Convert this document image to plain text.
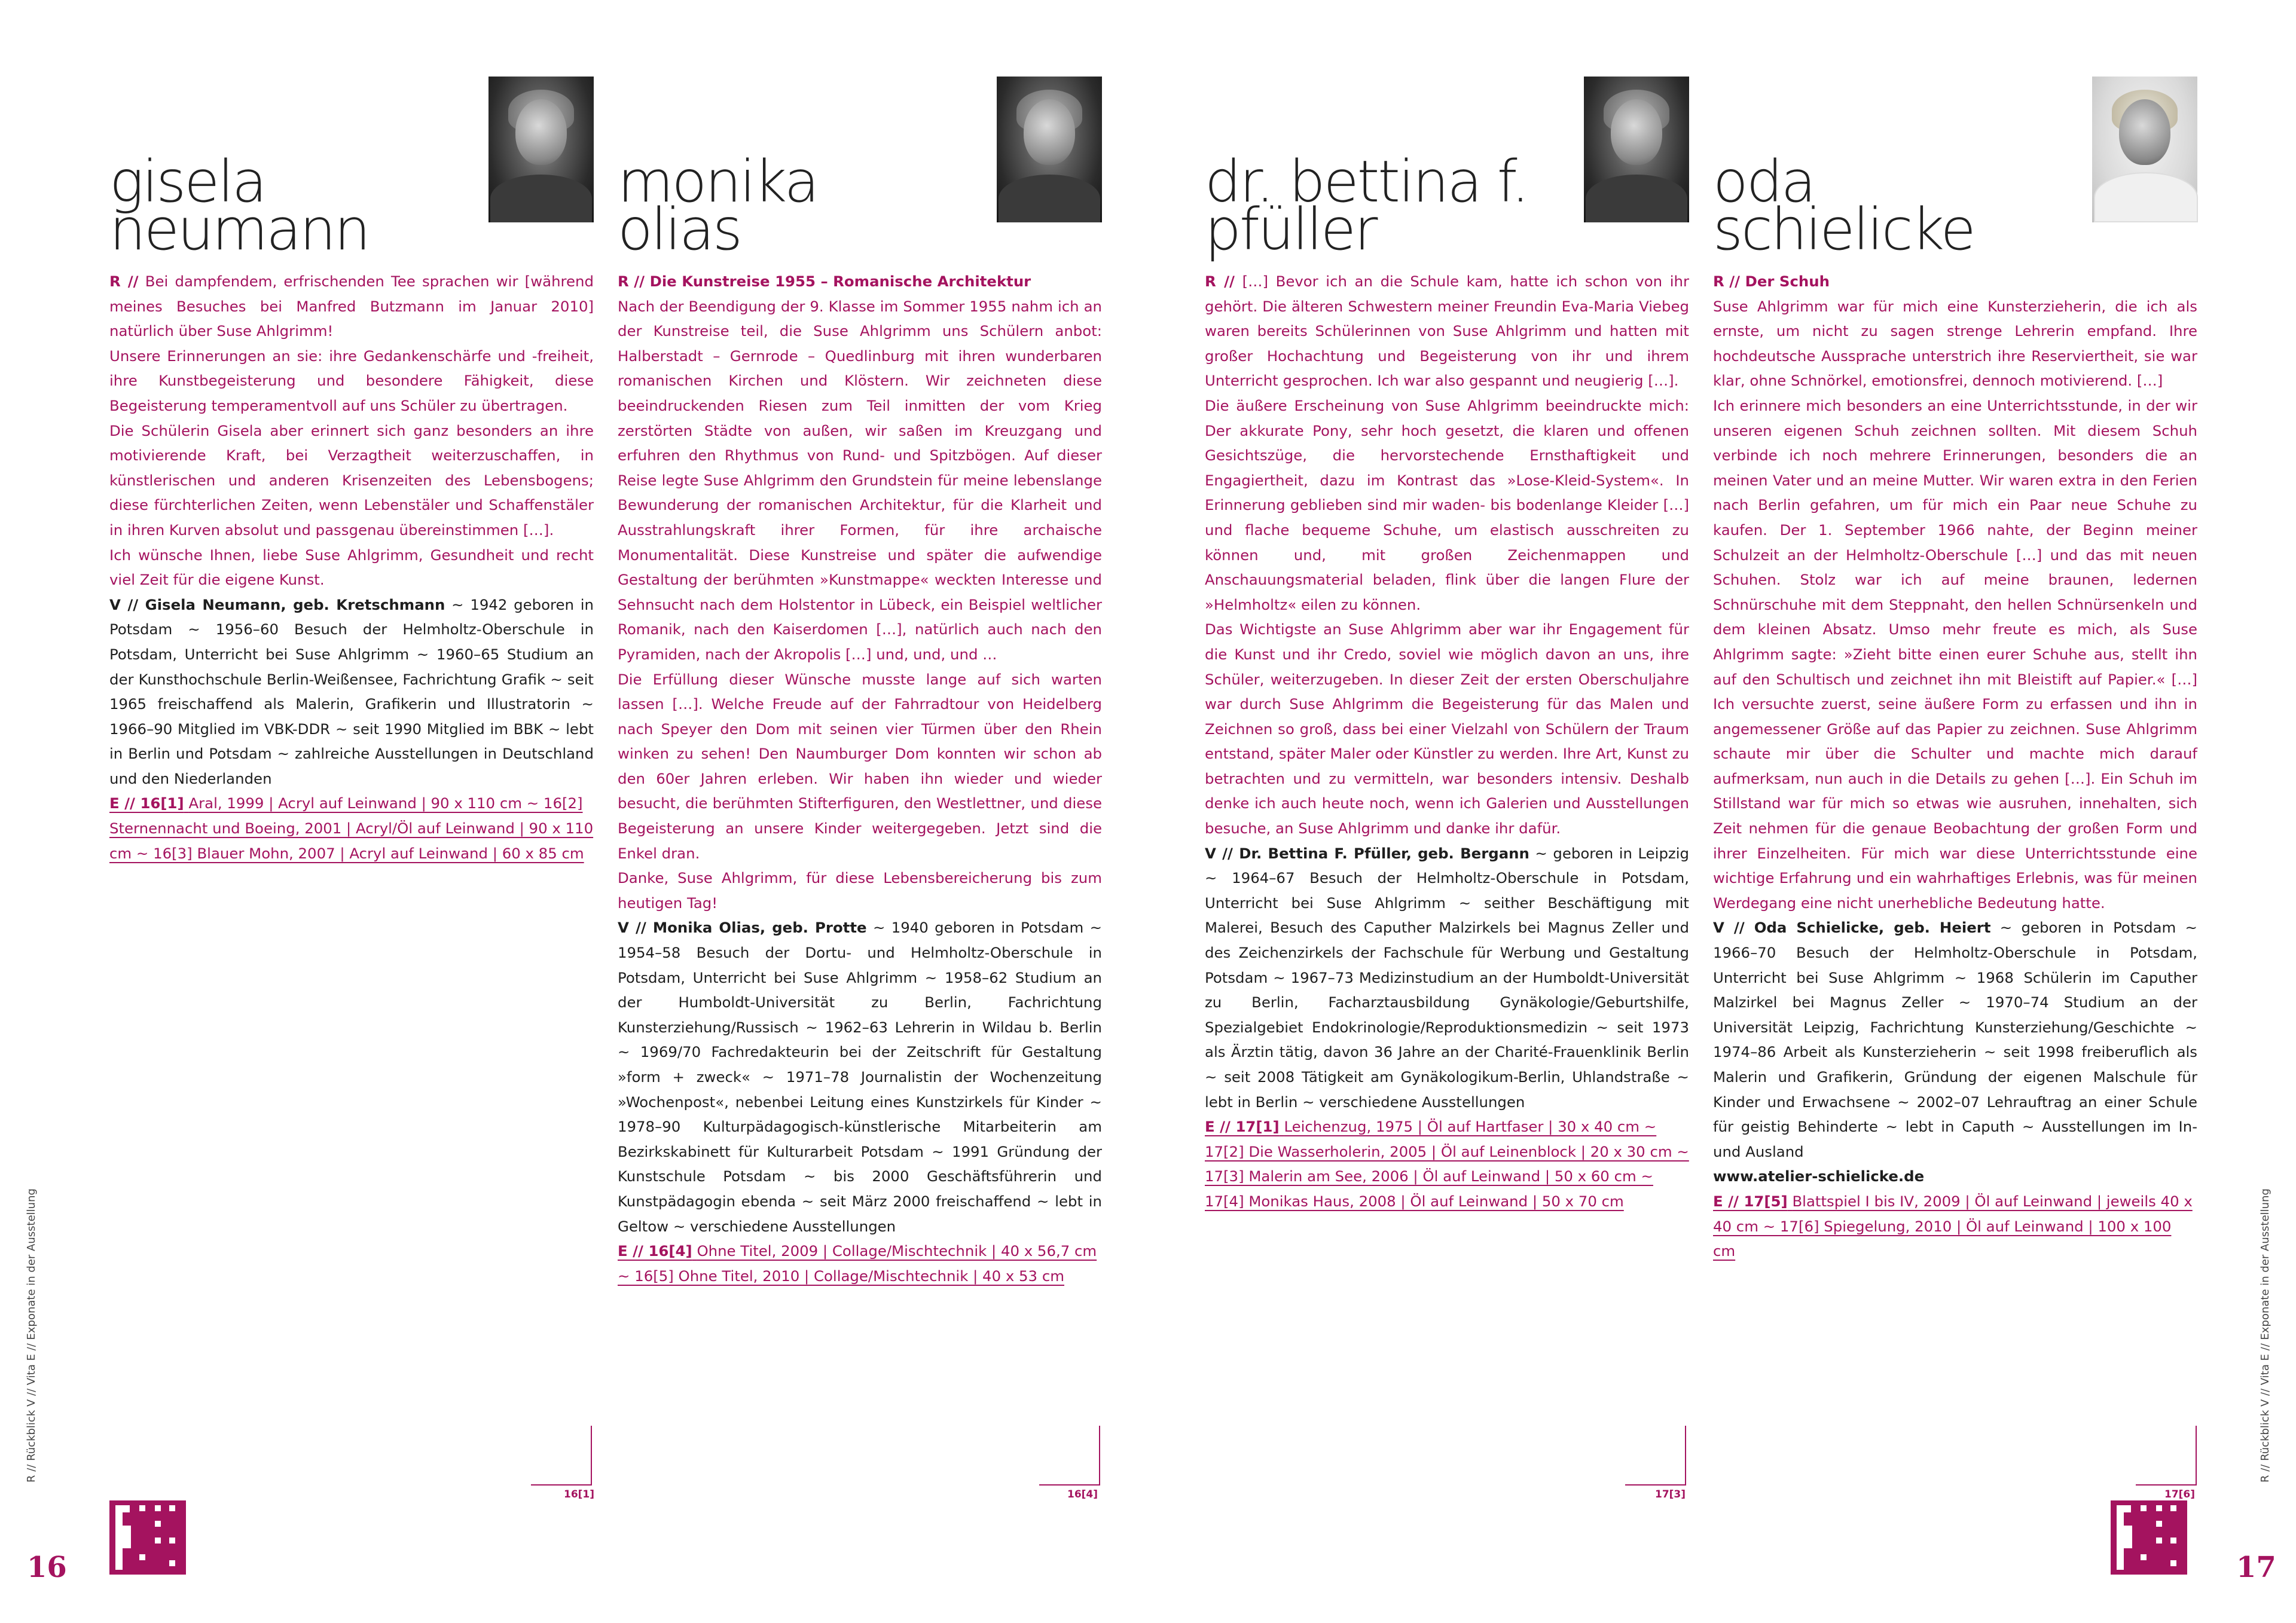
gisela
neumann

R // Bei dampfendem, erfrischenden Tee sprachen wir [während meines Besuches bei Manfred Butzmann im Januar 2010] natürlich über Suse Ahlgrimm!

Unsere Erinnerungen an sie: ihre Gedankenschärfe und -freiheit, ihre Kunstbegeisterung und besondere Fähigkeit, diese Begeisterung temperamentvoll auf uns Schüler zu übertragen.

Die Schülerin Gisela aber erinnert sich ganz besonders an ihre motivierende Kraft, bei Verzagtheit weiterzuschaffen, in künstlerischen und anderen Krisenzeiten des Lebensbogens; diese fürchterlichen Zeiten, wenn Lebenstäler und Schaffenstäler in ihren Kurven absolut und passgenau übereinstimmen […].

Ich wünsche Ihnen, liebe Suse Ahlgrimm, Gesundheit und recht viel Zeit für die eigene Kunst.

V // Gisela Neumann, geb. Kretschmann ~ 1942 geboren in Potsdam ~ 1956–60 Besuch der Helmholtz-Oberschule in Potsdam, Unterricht bei Suse Ahlgrimm ~ 1960–65 Studium an der Kunsthochschule Berlin-Weißensee, Fachrichtung Grafik ~ seit 1965 freischaffend als Malerin, Grafikerin und Illustratorin ~ 1966–90 Mitglied im VBK-DDR ~ seit 1990 Mitglied im BBK ~ lebt in Berlin und Potsdam ~ zahlreiche Ausstellungen in Deutschland und den Niederlanden

E // 16[1] Aral, 1999 | Acryl auf Leinwand | 90 x 110 cm ~ 16[2] Sternennacht und Boeing, 2001 | Acryl/Öl auf Leinwand | 90 x 110 cm ~ 16[3] Blauer Mohn, 2007 | Acryl auf Leinwand | 60 x 85 cm

monika
olias

R // Die Kunstreise 1955 – Romanische Architektur

Nach der Beendigung der 9. Klasse im Sommer 1955 nahm ich an der Kunstreise teil, die Suse Ahlgrimm uns Schülern anbot: Halberstadt – Gernrode – Quedlinburg mit ihren wunderbaren romanischen Kirchen und Klöstern. Wir zeichneten diese beeindruckenden Riesen zum Teil inmitten der vom Krieg zerstörten Städte von außen, wir saßen im Kreuzgang und erfuhren den Rhythmus von Rund- und Spitzbögen. Auf dieser Reise legte Suse Ahlgrimm den Grundstein für meine lebenslange Bewunderung der romanischen Architektur, für die Klarheit und Ausstrahlungskraft ihrer Formen, für ihre archaische Monumentalität. Diese Kunstreise und später die aufwendige Gestaltung der berühmten »Kunstmappe« weckten Interesse und Sehnsucht nach dem Holstentor in Lübeck, ein Beispiel weltlicher Romanik, nach den Kaiserdomen […], natürlich auch nach den Pyramiden, nach der Akropolis […] und, und, und …

Die Erfüllung dieser Wünsche musste lange auf sich warten lassen […]. Welche Freude auf der Fahrradtour von Heidelberg nach Speyer den Dom mit seinen vier Türmen über den Rhein winken zu sehen! Den Naumburger Dom konnten wir schon ab den 60er Jahren erleben. Wir haben ihn wieder und wieder besucht, die berühmten Stifterfiguren, den Westlettner, und diese Begeisterung an unsere Kinder weitergegeben. Jetzt sind die Enkel dran.

Danke, Suse Ahlgrimm, für diese Lebensbereicherung bis zum heutigen Tag!

V // Monika Olias, geb. Protte ~ 1940 geboren in Potsdam ~ 1954–58 Besuch der Dortu- und Helmholtz-Oberschule in Potsdam, Unterricht bei Suse Ahlgrimm ~ 1958–62 Studium an der Humboldt-Universität zu Berlin, Fachrichtung Kunsterziehung/Russisch ~ 1962–63 Lehrerin in Wildau b. Berlin ~ 1969/70 Fachredakteurin bei der Zeitschrift für Gestaltung »form + zweck« ~ 1971–78 Journalistin der Wochenzeitung »Wochenpost«, nebenbei Leitung eines Kunstzirkels für Kinder ~ 1978–90 Kulturpädagogisch-künstlerische Mitarbeiterin am Bezirkskabinett für Kulturarbeit Potsdam ~ 1991 Gründung der Kunstschule Potsdam ~ bis 2000 Geschäftsführerin und Kunstpädagogin ebenda ~ seit März 2000 freischaffend ~ lebt in Geltow ~ verschiedene Ausstellungen

E // 16[4] Ohne Titel, 2009 | Collage/Mischtechnik | 40 x 56,7 cm ~ 16[5] Ohne Titel, 2010 | Collage/Mischtechnik | 40 x 53 cm

dr. bettina f.
pfüller

R // […] Bevor ich an die Schule kam, hatte ich schon von ihr gehört. Die älteren Schwestern meiner Freundin Eva-Maria Viebeg waren bereits Schülerinnen von Suse Ahlgrimm und hatten mit großer Hochachtung und Begeisterung von ihr und ihrem Unterricht gesprochen. Ich war also gespannt und neugierig […].

Die äußere Erscheinung von Suse Ahlgrimm beeindruckte mich: Der akkurate Pony, sehr hoch gesetzt, die klaren und offenen Gesichtszüge, die hervorstechende Ernsthaftigkeit und Engagiertheit, dazu im Kontrast das »Lose-Kleid-System«. In Erinnerung geblieben sind mir waden- bis bodenlange Kleider […] und flache bequeme Schuhe, um elastisch ausschreiten zu können und, mit großen Zeichenmappen und Anschauungsmaterial beladen, flink über die langen Flure der »Helmholtz« eilen zu können.

Das Wichtigste an Suse Ahlgrimm aber war ihr Engagement für die Kunst und ihr Credo, soviel wie möglich davon an uns, ihre Schüler, weiterzugeben. In dieser Zeit der ersten Oberschuljahre war durch Suse Ahlgrimm die Begeisterung für das Malen und Zeichnen so groß, dass bei einer Vielzahl von Schülern der Traum entstand, später Maler oder Künstler zu werden. Ihre Art, Kunst zu betrachten und zu vermitteln, war besonders intensiv. Deshalb denke ich auch heute noch, wenn ich Galerien und Ausstellungen besuche, an Suse Ahlgrimm und danke ihr dafür.

V // Dr. Bettina F. Pfüller, geb. Bergann ~ geboren in Leipzig ~ 1964–67 Besuch der Helmholtz-Oberschule in Potsdam, Unterricht bei Suse Ahlgrimm ~ seither Beschäftigung mit Malerei, Besuch des Caputher Malzirkels bei Magnus Zeller und des Zeichenzirkels der Fachschule für Werbung und Gestaltung Potsdam ~ 1967–73 Medizinstudium an der Humboldt-Universität zu Berlin, Facharztausbildung Gynäkologie/Geburtshilfe, Spezialgebiet Endokrinologie/Reproduktionsmedizin ~ seit 1973 als Ärztin tätig, davon 36 Jahre an der Charité-Frauenklinik Berlin ~ seit 2008 Tätigkeit am Gynäkologikum-Berlin, Uhlandstraße ~ lebt in Berlin ~ verschiedene Ausstellungen

E // 17[1] Leichenzug, 1975 | Öl auf Hartfaser | 30 x 40 cm ~ 17[2] Die Wasserholerin, 2005 | Öl auf Leinenblock | 20 x 30 cm ~ 17[3] Malerin am See, 2006 | Öl auf Leinwand | 50 x 60 cm ~ 17[4] Monikas Haus, 2008 | Öl auf Leinwand | 50 x 70 cm

oda
schielicke

R // Der Schuh

Suse Ahlgrimm war für mich eine Kunsterzieherin, die ich als ernste, um nicht zu sagen strenge Lehrerin empfand. Ihre hochdeutsche Aussprache unterstrich ihre Reserviertheit, sie war klar, ohne Schnörkel, emotionsfrei, dennoch motivierend. […]

Ich erinnere mich besonders an eine Unterrichtsstunde, in der wir unseren eigenen Schuh zeichnen sollten. Mit diesem Schuh verbinde ich noch mehrere Erinnerungen, besonders die an meinen Vater und an meine Mutter. Wir waren extra in den Ferien nach Berlin gefahren, um für mich ein Paar neue Schuhe zu kaufen. Der 1. September 1966 nahte, der Beginn meiner Schulzeit an der Helmholtz-Oberschule […] und das mit neuen Schuhen. Stolz war ich auf meine braunen, ledernen Schnürschuhe mit dem Steppnaht, den hellen Schnürsenkeln und dem kleinen Absatz. Umso mehr freute es mich, als Suse Ahlgrimm sagte: »Zieht bitte einen eurer Schuhe aus, stellt ihn auf den Schultisch und zeichnet ihn mit Bleistift auf Papier.« […] Ich versuchte zuerst, seine äußere Form zu erfassen und ihn in angemessener Größe auf das Papier zu zeichnen. Suse Ahlgrimm schaute mir über die Schulter und machte mich darauf aufmerksam, nun auch in die Details zu gehen […]. Ein Schuh im Stillstand war für mich so etwas wie ausruhen, innehalten, sich Zeit nehmen für die genaue Beobachtung der großen Form und ihrer Einzelheiten. Für mich war diese Unterrichtsstunde eine wichtige Erfahrung und ein wahrhaftiges Erlebnis, was für meinen Werdegang eine nicht unerhebliche Bedeutung hatte.

V // Oda Schielicke, geb. Heiert ~ geboren in Potsdam ~ 1966–70 Besuch der Helmholtz-Oberschule in Potsdam, Unterricht bei Suse Ahlgrimm ~ 1968 Schülerin im Caputher Malzirkel bei Magnus Zeller ~ 1970–74 Studium an der Universität Leipzig, Fachrichtung Kunsterziehung/Geschichte ~ 1974–86 Arbeit als Kunsterzieherin ~ seit 1998 freiberuflich als Malerin und Grafikerin, Gründung der eigenen Malschule für Kinder und Erwachsene ~ 2002–07 Lehrauftrag an einer Schule für geistig Behinderte ~ lebt in Caputh ~ Ausstellungen im In- und Ausland

www.atelier-schielicke.de

E // 17[5] Blattspiel I bis IV, 2009 | Öl auf Leinwand | jeweils 40 x 40 cm ~ 17[6] Spiegelung, 2010 | Öl auf Leinwand | 100 x 100 cm

16[1]	16[4]	17[3]	17[6]
16	17
R // Rückblick V // Vita E // Exponate in der Ausstellung	R // Rückblick V // Vita E // Exponate in der Ausstellung
